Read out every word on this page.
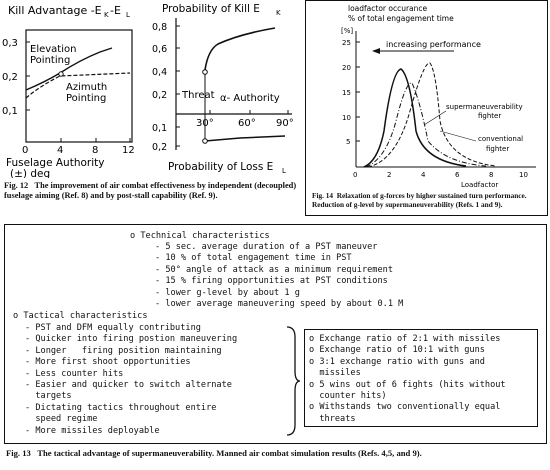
Kill Advantage -E K -E L
0,3
0,2
0,1
0	4	8 12
Fuselage Authority
(±) deg
Elevation
Pointing
Azimuth
Pointing
Probability of Kill E K
0,8
0,6
0,4
0,2 Threat α- Authority
30° 60° 90°
0,1
0,2
Probability of Loss E L
Fig. 12 The improvement of air combat effectiveness by independent (decoupled) fuselage aiming (Ref. 8) and by post-stall capability (Ref. 9).
loadfactor occurance
% of total engagement time
[%]
25
20
15
10
5
0	2	4	6	8	10
Loadfactor
increasing performance
supermaneuverability
fighter
conventional
fighter
Fig. 14 Relaxation of g-forces by higher sustained turn performance. Reduction of g-level by supermaneuverability (Refs. 1 and 9).
o Technical characteristics
- 5 sec. average duration of a PST maneuver
- 10 % of total engagement time in PST
- 50° angle of attack as a minimum requirement
- 15 % firing opportunities at PST conditions
- lower g-level by about 1 g
- lower average maneuvering speed by about 0.1 M
o Tactical characteristics
- PST and DFM equally contributing
- Quicker into firing postion maneuvering
- Longer   firing position maintaining
- More first shoot opportunities
- Less counter hits
- Easier and quicker to switch alternate
targets
- Dictating tactics throughout entire
speed regime
- More missiles deployable
o Exchange ratio of 2:1 with missiles
o Exchange ratio of 10:1 with guns
o 3:1 exchange ratio with guns and
missiles
o 5 wins out of 6 fights (hits without
counter hits)
o Withstands two conventionally equal
threats
Fig. 13 The tactical advantage of supermaneuverability. Manned air combat simulation results (Refs. 4,5, and 9).
